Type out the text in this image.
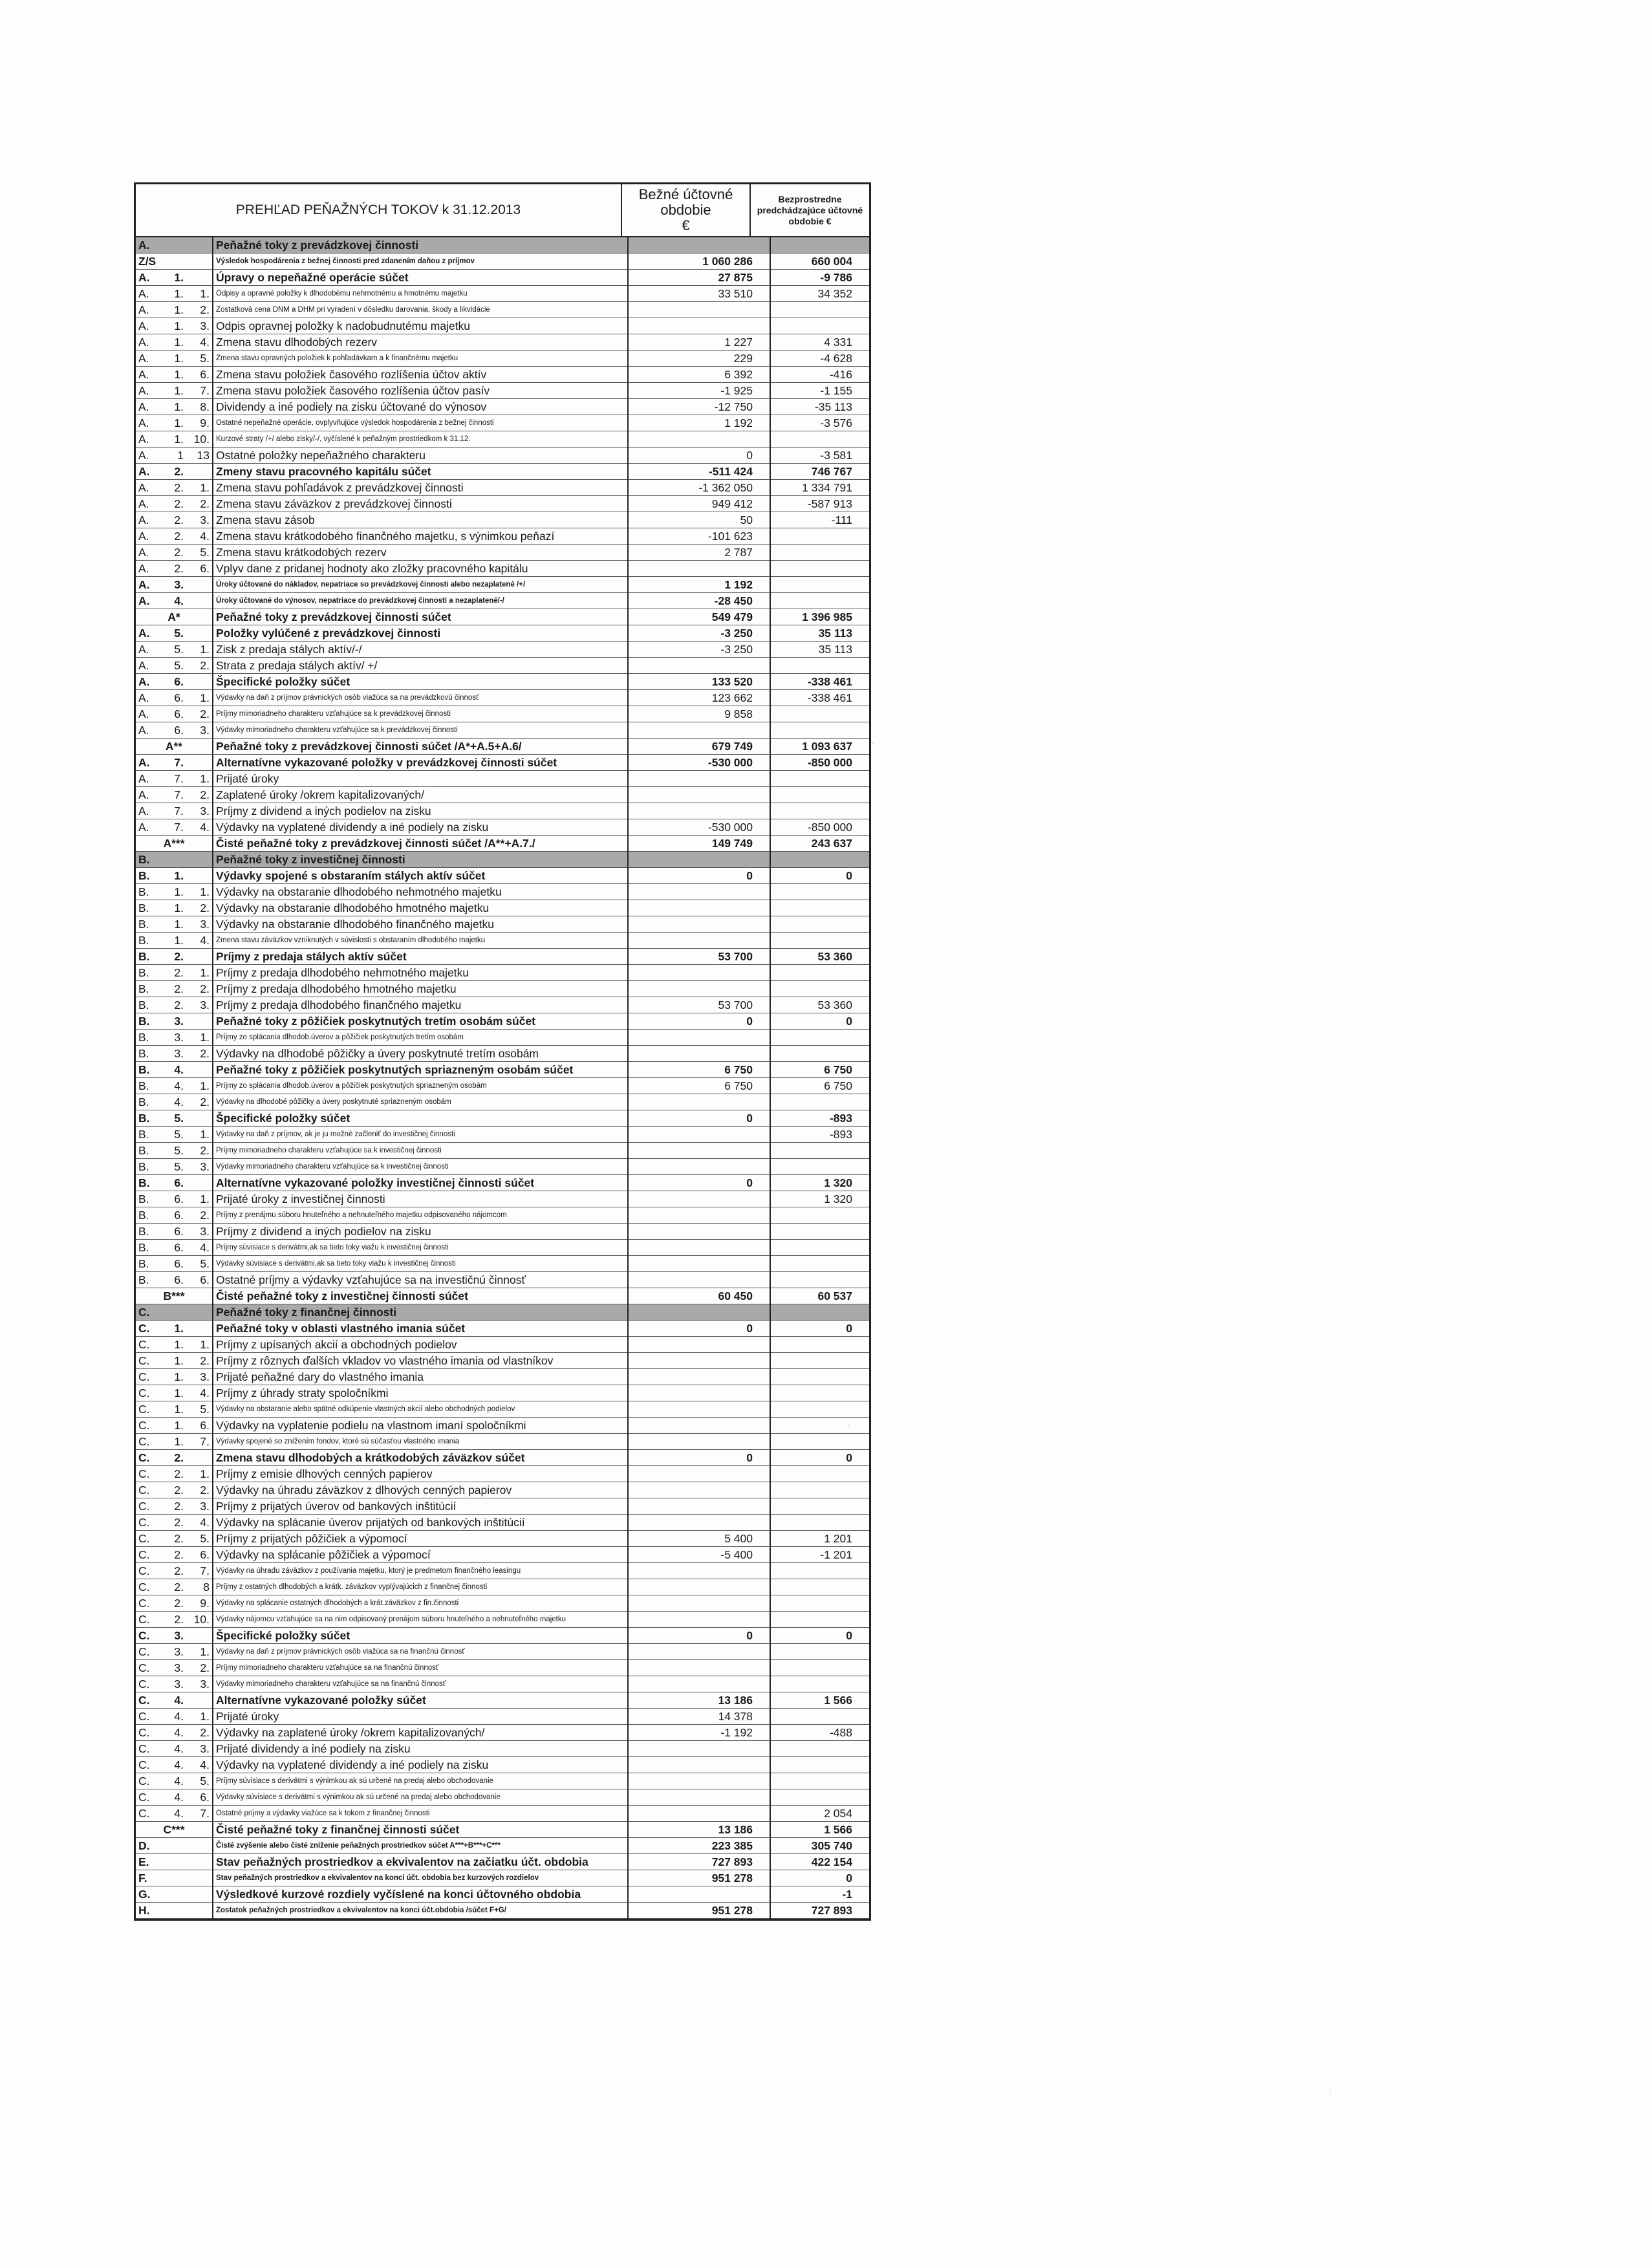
PREHĽAD PEŇAŽNÝCH TOKOV k 31.12.2013
Bežné účtovné
obdobie
€
Bezprostredne
predchádzajúce účtovné
obdobie €
A.			Peňažné toky z prevádzkovej činnosti		
Z/S			Výsledok hospodárenia z bežnej činnosti pred zdanením daňou z príjmov	1 060 286	660 004
A.	1.		Úpravy o nepeňažné operácie súčet	27 875	-9 786
A.	1.	1.	Odpisy a opravné položky k dlhodobému nehmotnému a hmotnému majetku	33 510	34 352
A.	1.	2.	Zostatková cena DNM a DHM pri vyradení v dôsledku darovania, škody a likvidácie		
A.	1.	3.	Odpis opravnej položky k nadobudnutému majetku		
A.	1.	4.	Zmena stavu dlhodobých rezerv	1 227	4 331
A.	1.	5.	Zmena stavu opravných položiek k pohľadávkam a k finančnému majetku	229	-4 628
A.	1.	6.	Zmena stavu položiek časového rozlíšenia účtov aktív	6 392	-416
A.	1.	7.	Zmena stavu položiek časového rozlíšenia účtov pasív	-1 925	-1 155
A.	1.	8.	Dividendy a iné podiely na zisku účtované do výnosov	-12 750	-35 113
A.	1.	9.	Ostatné nepeňažné operácie, ovplyvňujúce výsledok hospodárenia z bežnej činnosti	1 192	-3 576
A.	1.	10.	Kurzové straty /+/ alebo zisky/-/, vyčíslené k peňažným prostriedkom k 31.12.		
A.	1	13	Ostatné položky nepeňažného charakteru	0	-3 581
A.	2.		Zmeny stavu pracovného kapitálu súčet	-511 424	746 767
A.	2.	1.	Zmena stavu pohľadávok z prevádzkovej činnosti	-1 362 050	1 334 791
A.	2.	2.	Zmena stavu záväzkov z prevádzkovej činnosti	949 412	-587 913
A.	2.	3.	Zmena stavu zásob	50	-111
A.	2.	4.	Zmena stavu krátkodobého finančného majetku, s výnimkou peňazí	-101 623	
A.	2.	5.	Zmena stavu krátkodobých rezerv	2 787	
A.	2.	6.	Vplyv dane z pridanej hodnoty ako zložky pracovného kapitálu		
A.	3.		Úroky účtované do nákladov, nepatriace so prevádzkovej činnosti alebo nezaplatené /+/	1 192	
A.	4.		Úroky účtované do výnosov, nepatriace do prevádzkovej činnosti a nezaplatené/-/	-28 450	
A*			Peňažné toky z prevádzkovej činnosti súčet	549 479	1 396 985
A.	5.		Položky vylúčené z prevádzkovej činnosti	-3 250	35 113
A.	5.	1.	Zisk z predaja stálych aktív/-/	-3 250	35 113
A.	5.	2.	Strata z predaja stálych aktív/ +/		
A.	6.		Špecifické položky súčet	133 520	-338 461
A.	6.	1.	Výdavky na daň z príjmov právnických osôb viažúca sa na prevádzkovú činnosť	123 662	-338 461
A.	6.	2.	Príjmy mimoriadneho charakteru vzťahujúce sa k prevádzkovej činnosti	9 858	
A.	6.	3.	Výdavky mimoriadneho charakteru vzťahujúce sa k prevádzkovej činnosti		
A**			Peňažné toky z prevádzkovej činnosti súčet /A*+A.5+A.6/	679 749	1 093 637
A.	7.		Alternatívne vykazované položky v prevádzkovej činnosti súčet	-530 000	-850 000
A.	7.	1.	Prijaté úroky		
A.	7.	2.	Zaplatené úroky /okrem kapitalizovaných/		
A.	7.	3.	Príjmy z dividend a iných podielov na zisku		
A.	7.	4.	Výdavky na vyplatené dividendy a iné podiely na zisku	-530 000	-850 000
A***			Čisté peňažné toky z prevádzkovej činnosti súčet /A**+A.7./	149 749	243 637
B.			Peňažné toky z investičnej činnosti		
B.	1.		Výdavky spojené s obstaraním stálych aktív súčet	0	0
B.	1.	1.	Výdavky na obstaranie dlhodobého nehmotného majetku		
B.	1.	2.	Výdavky na obstaranie dlhodobého hmotného majetku		
B.	1.	3.	Výdavky na obstaranie dlhodobého finančného majetku		
B.	1.	4.	Zmena stavu záväzkov vzniknutých v súvislosti s obstaraním dlhodobého majetku		
B.	2.		Príjmy z predaja stálych aktív súčet	53 700	53 360
B.	2.	1.	Príjmy z predaja dlhodobého nehmotného majetku		
B.	2.	2.	Príjmy z predaja dlhodobého hmotného majetku		
B.	2.	3.	Príjmy z predaja dlhodobého finančného majetku	53 700	53 360
B.	3.		Peňažné toky z pôžičiek poskytnutých tretím osobám súčet	0	0
B.	3.	1.	Príjmy zo splácania dlhodob.úverov a pôžičiek poskytnutých tretím osobám		
B.	3.	2.	Výdavky na dlhodobé pôžičky a úvery poskytnuté tretím osobám		
B.	4.		Peňažné toky z pôžičiek poskytnutých spriazneným osobám súčet	6 750	6 750
B.	4.	1.	Príjmy zo splácania dlhodob.úverov a pôžičiek poskytnutých spriazneným osobám	6 750	6 750
B.	4.	2.	Výdavky na dlhodobé pôžičky a úvery poskytnuté spriazneným osobám		
B.	5.		Špecifické položky súčet	0	-893
B.	5.	1.	Výdavky na daň z príjmov, ak je ju možné začleniť do investičnej činnosti		-893
B.	5.	2.	Príjmy mimoriadneho charakteru vzťahujúce sa k investičnej činnosti		
B.	5.	3.	Výdavky mimoriadneho charakteru vzťahujúce sa k investičnej činnosti		
B.	6.		Alternatívne vykazované položky investičnej činnosti súčet	0	1 320
B.	6.	1.	Prijaté úroky z investičnej činnosti		1 320
B.	6.	2.	Príjmy z prenájmu súboru hnuteľného a nehnuteľného majetku odpisovaného nájomcom		
B.	6.	3.	Príjmy z dividend a iných podielov na zisku		
B.	6.	4.	Príjmy súvisiace s derivátmi,ak sa tieto toky viažu k investičnej činnosti		
B.	6.	5.	Výdavky súvisiace s derivátmi,ak sa tieto toky viažu k investičnej činnosti		
B.	6.	6.	Ostatné príjmy a výdavky vzťahujúce sa na investičnú činnosť		
B***			Čisté peňažné toky z investičnej činnosti súčet	60 450	60 537
C.			Peňažné toky z finančnej činnosti		
C.	1.		Peňažné toky v oblasti vlastného imania súčet	0	0
C.	1.	1.	Príjmy z upísaných akcií a obchodných podielov		
C.	1.	2.	Príjmy z rôznych ďalších vkladov vo vlastného imania od vlastníkov		
C.	1.	3.	Prijaté peňažné dary do vlastného imania		
C.	1.	4.	Príjmy z úhrady straty spoločníkmi		
C.	1.	5.	Výdavky na obstaranie alebo spätné odkúpenie vlastných akcií alebo obchodných podielov		
C.	1.	6.	Výdavky na vyplatenie podielu na vlastnom imaní spoločníkmi		
C.	1.	7.	Výdavky spojené so znížením fondov, ktoré sú súčasťou vlastného imania		
C.	2.		Zmena stavu dlhodobých a krátkodobých záväzkov súčet	0	0
C.	2.	1.	Príjmy z emisie dlhových cenných papierov		
C.	2.	2.	Výdavky na úhradu záväzkov z dlhových cenných papierov		
C.	2.	3.	Príjmy z prijatých úverov od bankových inštitúcií		
C.	2.	4.	Výdavky na splácanie úverov prijatých od bankových inštitúcií		
C.	2.	5.	Príjmy z prijatých pôžičiek a výpomocí	5 400	1 201
C.	2.	6.	Výdavky na splácanie pôžičiek a výpomocí	-5 400	-1 201
C.	2.	7.	Výdavky na úhradu záväzkov z používania majetku, ktorý je predmetom finančného leasingu		
C.	2.	8	Príjmy z ostatných dlhodobých a krátk. záväzkov vyplývajúcich z finančnej činnosti		
C.	2.	9.	Výdavky na splácanie ostatných dlhodobých a krát.záväzkov z fin.činnosti		
C.	2.	10.	Výdavky nájomcu vzťahujúce sa na nim odpisovaný prenájom súboru hnuteľného a nehnuteľného majetku		
C.	3.		Špecifické položky súčet	0	0
C.	3.	1.	Výdavky na daň z príjmov právnických osôb viažúca sa na finančnú činnosť		
C.	3.	2.	Príjmy mimoriadneho charakteru vzťahujúce sa na finančnú činnosť		
C.	3.	3.	Výdavky mimoriadneho charakteru vzťahujúce sa na finančnú činnosť		
C.	4.		Alternatívne vykazované položky súčet	13 186	1 566
C.	4.	1.	Prijaté úroky	14 378	
C.	4.	2.	Výdavky na zaplatené úroky /okrem kapitalizovaných/	-1 192	-488
C.	4.	3.	Prijaté dividendy a iné podiely na zisku		
C.	4.	4.	Výdavky na vyplatené dividendy a iné podiely na zisku		
C.	4.	5.	Príjmy súvisiace s derivátmi s výnimkou ak sú určené na predaj alebo obchodovanie		
C.	4.	6.	Výdavky súvisiace s derivátmi s výnimkou ak sú určené na predaj alebo obchodovanie		
C.	4.	7.	Ostatné príjmy a výdavky viažúce sa k tokom z finančnej činnosti		2 054
C***			Čisté peňažné toky z finančnej činnosti súčet	13 186	1 566
D.			Čisté zvýšenie alebo čisté zníženie peňažných prostriedkov súčet A***+B***+C***	223 385	305 740
E.			Stav peňažných prostriedkov a ekvivalentov na začiatku účt. obdobia	727 893	422 154
F.			Stav peňažných prostriedkov a ekvivalentov na konci účt. obdobia bez kurzových rozdielov	951 278	0
G.			Výsledkové kurzové rozdiely vyčíslené na konci účtovného obdobia		-1
H.			Zostatok peňažných prostriedkov a ekvivalentov na konci účt.obdobia /súčet F+G/	951 278	727 893
·
·
·
